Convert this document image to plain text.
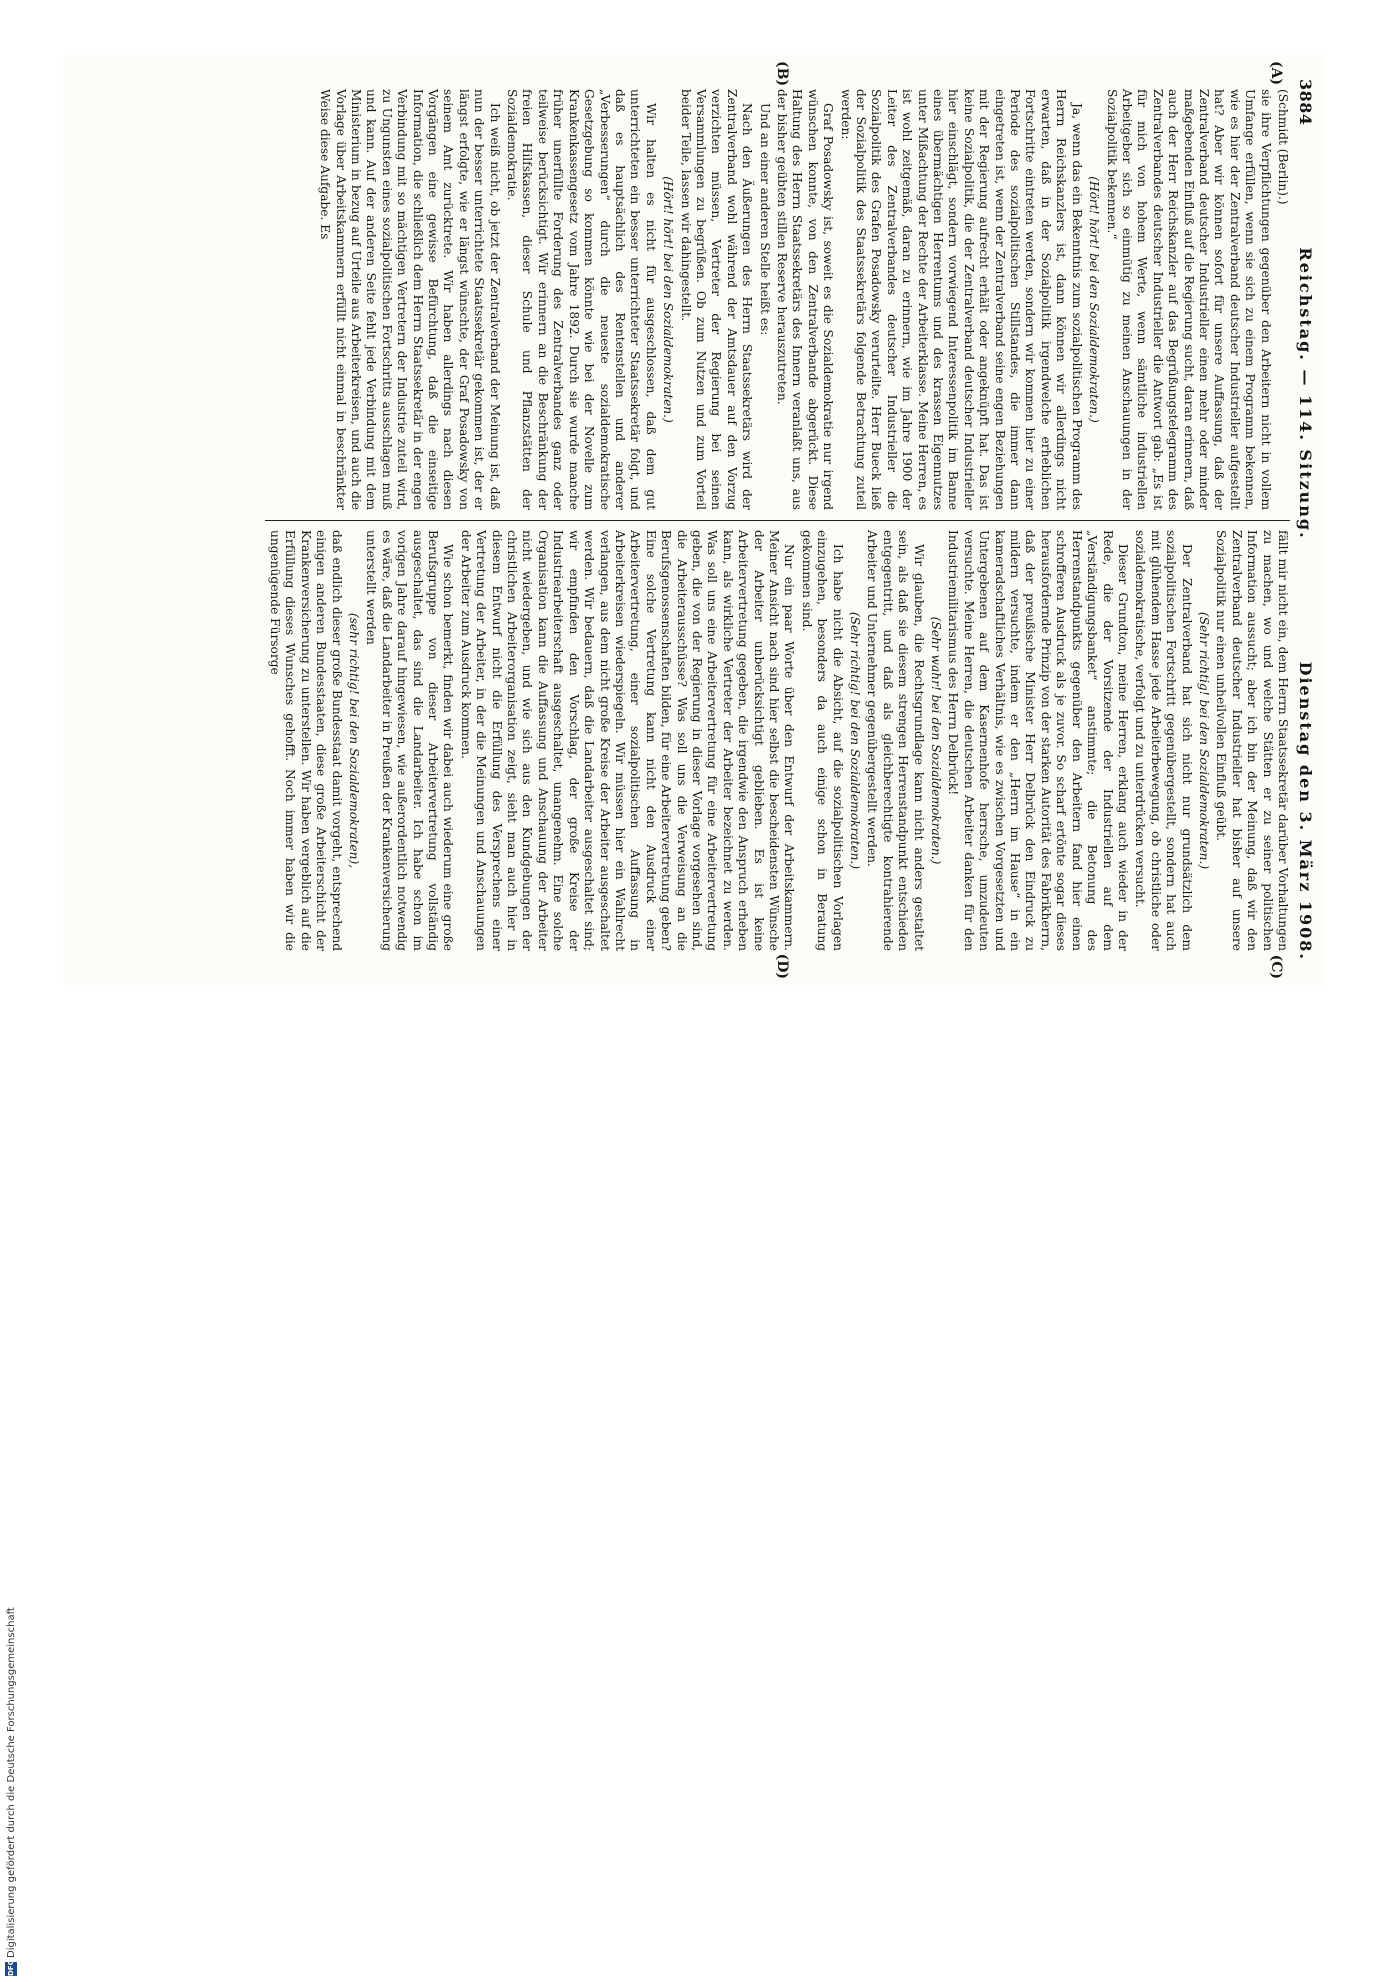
3884
Reichstag. — 114. Sitzung.
Dienstag den 3. März 1908.
(A)
(B)
(C)
(D)

(Schmidt (Berlin).)

sie ihre Verpflichtungen gegenüber den Arbeitern nicht in vollem Umfange erfüllen, wenn sie sich zu einem Programm bekennen, wie es hier der Zentralverband deutscher Industrieller aufgestellt hat? Aber wir können sofort für unsere Auffassung, daß der Zentralverband deutscher Industrieller einen mehr oder minder maßgebenden Einfluß auf die Regierung sucht, daran erinnern, daß auch der Herr Reichskanzler auf das Begrüßungstelegramm des Zentralverbandes deutscher Industrieller die Antwort gab: „Es ist für mich von hohem Werte, wenn sämtliche industriellen Arbeitgeber sich so einmütig zu meinen Anschauungen in der Sozialpolitik bekennen.“

(Hört! hört! bei den Sozialdemokraten.)

Ja, wenn das ein Bekenntnis zum sozialpolitischen Programm des Herrn Reichskanzlers ist, dann können wir allerdings nicht erwarten, daß in der Sozialpolitik irgendwelche erheblichen Fortschritte eintreten werden, sondern wir kommen hier zu einer Periode des sozialpolitischen Stillstandes, die immer dann eingetreten ist, wenn der Zentralverband seine engen Beziehungen mit der Regierung aufrecht erhält oder angeknüpft hat. Das ist keine Sozialpolitik, die der Zentralverband deutscher Industrieller hier einschlägt, sondern vorwiegend Interessenpolitik im Banne eines übermächtigen Herrentums und des krassen Eigennutzes unter Mißachtung der Rechte der Arbeiterklasse. Meine Herren, es ist wohl zeitgemäß, daran zu erinnern, wie im Jahre 1900 der Leiter des Zentralverbandes deutscher Industrieller die Sozialpolitik des Grafen Posadowsky verurteilte. Herr Bueck ließ der Sozialpolitik des Staatssekretärs folgende Betrachtung zuteil werden:

Graf Posadowsky ist, soweit es die Sozialdemokratie nur irgend wünschen konnte, von den Zentralverbande abgerückt. Diese Haltung des Herrn Staatssekretärs des Innern veranlaßt uns, aus der bisher geübten stillen Reserve herauszutreten.

Und an einer anderen Stelle heißt es:

Nach den Äußerungen des Herrn Staatssekretärs wird der Zentralverband wohl während der Amtsdauer auf den Vorzug verzichten müssen, Vertreter der Regierung bei seinen Versammlungen zu begrüßen. Ob zum Nutzen und zum Vorteil beider Teile, lassen wir dahingestellt.

(Hört! hört! bei den Sozialdemokraten.)

Wir halten es nicht für ausgeschlossen, daß dem gut unterrichteten ein besser unterrichteter Staatssekretär folgt, und daß es hauptsächlich des Rentenstellen und anderer „Verbesserungen“ durch die neueste sozialdemokratische Gesetzgebung so kommen könnte wie bei der Novelle zum Krankenkassengesetz vom Jahre 1892. Durch sie wurde manche früher unerfüllte Forderung des Zentralverbandes ganz oder teilweise berücksichtigt. Wir erinnern an die Beschränkung der freien Hilfskassen, dieser Schule und Pflanzstätten der Sozialdemokratie.

Ich weiß nicht, ob jetzt der Zentralverband der Meinung ist, daß nun der besser unterrichtete Staatssekretär gekommen ist, der er längst erfolgte, wie er längst wünschte, der Graf Posadowsky von seinem Amt zurücktrete. Wir haben allerdings nach diesen Vorgängen eine gewisse Befürchtung, daß die einseitige Information, die schließlich dem Herrn Staatssekretär in der engen Verbindung mit so mächtigen Vertretern der Industrie zuteil wird, zu Ungunsten eines sozialpolitischen Fortschritts ausschlagen muß und kann. Auf der anderen Seite fehlt jede Verbindung mit dem Ministerium in bezug auf Urteile aus Arbeiterkreisen, und auch die Vorlage über Arbeitskammern erfüllt nicht einmal in beschränkter Weise diese Aufgabe. Es

fällt mir nicht ein, dem Herrn Staatssekretär darüber Vorhaltungen zu machen, wo und welche Stätten er zu seiner politischen Information aussucht; aber ich bin der Meinung, daß wir den Zentralverband deutscher Industrieller hat bisher auf unsere Sozialpolitik nur einen unheilvollen Einfluß geübt.

(Sehr richtig! bei den Sozialdemokraten.)

Der Zentralverband hat sich nicht nur grundsätzlich dem sozialpolitischen Fortschritt gegenübergestellt, sondern hat auch mit glühendem Hasse jede Arbeiterbewegung, ob christliche oder sozialdemokratische, verfolgt und zu unterdrücken versucht.

Dieser Grundton, meine Herren, erklang auch wieder in der Rede, die der Vorsitzende der Industriellen auf dem „Verständigungsbanket“ anstimmte; die Betonung des Herrenstandpunkts gegenüber den Arbeitern fand hier einen schrofferen Ausdruck als je zuvor. So scharf ertönte sogar dieses herausfordernde Prinzip von der starken Autorität des Fabrikherrn, daß der preußische Minister Herr Delbrück den Eindruck zu mildern versuchte, indem er den „Herrn im Hause“ in ein kameradschaftliches Verhältnis, wie es zwischen Vorgesetzten und Untergebenen auf dem Kasernenhofe herrsche, umzudeuten versuchte. Meine Herren, die deutschen Arbeiter danken für den Industriemilitarismus des Herrn Delbrück!

(Sehr wahr! bei den Sozialdemokraten.)

Wir glauben, die Rechtsgrundlage kann nicht anders gestaltet sein, als daß sie diesem strengen Herrenstandpunkt entschieden entgegentritt, und daß als gleichberechtigte kontrahierende Arbeiter und Unternehmer gegenübergestellt werden.

(Sehr richtig! bei den Sozialdemokraten.)

Ich habe nicht die Absicht, auf die sozialpolitischen Vorlagen einzugehen, besonders da auch einige schon in Beratung gekommen sind.

Nur ein paar Worte über den Entwurf der Arbeitskammern. Meiner Ansicht nach sind hier selbst die bescheidensten Wünsche der Arbeiter unberücksichtigt geblieben. Es ist keine Arbeitervertretung gegeben, die irgendwie den Anspruch erheben kann, als wirkliche Vertreter der Arbeiter bezeichnet zu werden. Was soll uns eine Arbeitervertretung für eine Arbeitervertretung geben, die von der Regierung in dieser Vorlage vorgesehen sind, die Arbeiterausschüsse? Was soll uns die Verweisung an die Berufsgenossenschaften bilden, für eine Arbeitervertretung geben? Eine solche Vertretung kann nicht den Ausdruck einer Arbeitervertretung, einer sozialpolitischen Auffassung in Arbeiterkreisen wiederspiegeln. Wir müssen hier ein Wahlrecht verlangen, aus dem nicht große Kreise der Arbeiter ausgeschaltet werden. Wir bedauern, daß die Landarbeiter ausgeschaltet sind; wir empfinden den Vorschlag, der große Kreise der Industriearbeiterschaft ausgeschaltet, unangenehm. Eine solche Organisation kann die Auffassung und Anschauung der Arbeiter nicht wiedergeben, und wie sich aus den Kundgebungen der christlichen Arbeiterorganisation zeigt, sieht man auch hier in diesem Entwurf nicht die Erfüllung des Versprechens einer Vertretung der Arbeiter, in der die Meinungen und Anschauungen der Arbeiter zum Ausdruck kommen.

Wie schon bemerkt, finden wir dabei auch wiederum eine große Berufsgruppe von dieser Arbeitervertretung vollständig ausgeschaltet, das sind die Landarbeiter. Ich habe schon im vorigen Jahre darauf hingewiesen, wie außerordentlich notwendig es wäre, daß die Landarbeiter in Preußen der Krankenversicherung unterstellt werden

(sehr richtig! bei den Sozialdemokraten),

daß endlich dieser große Bundesstaat damit vorgeht, entsprechend einigen anderen Bundesstaaten, diese große Arbeiterschicht der Krankenversicherung zu unterstellen. Wir haben vergeblich auf die Erfüllung dieses Wunsches gehofft. Noch immer haben wir die ungenügende Fürsorge

DFG
Digitalisierung gefördert durch die Deutsche Forschungsgemeinschaft
